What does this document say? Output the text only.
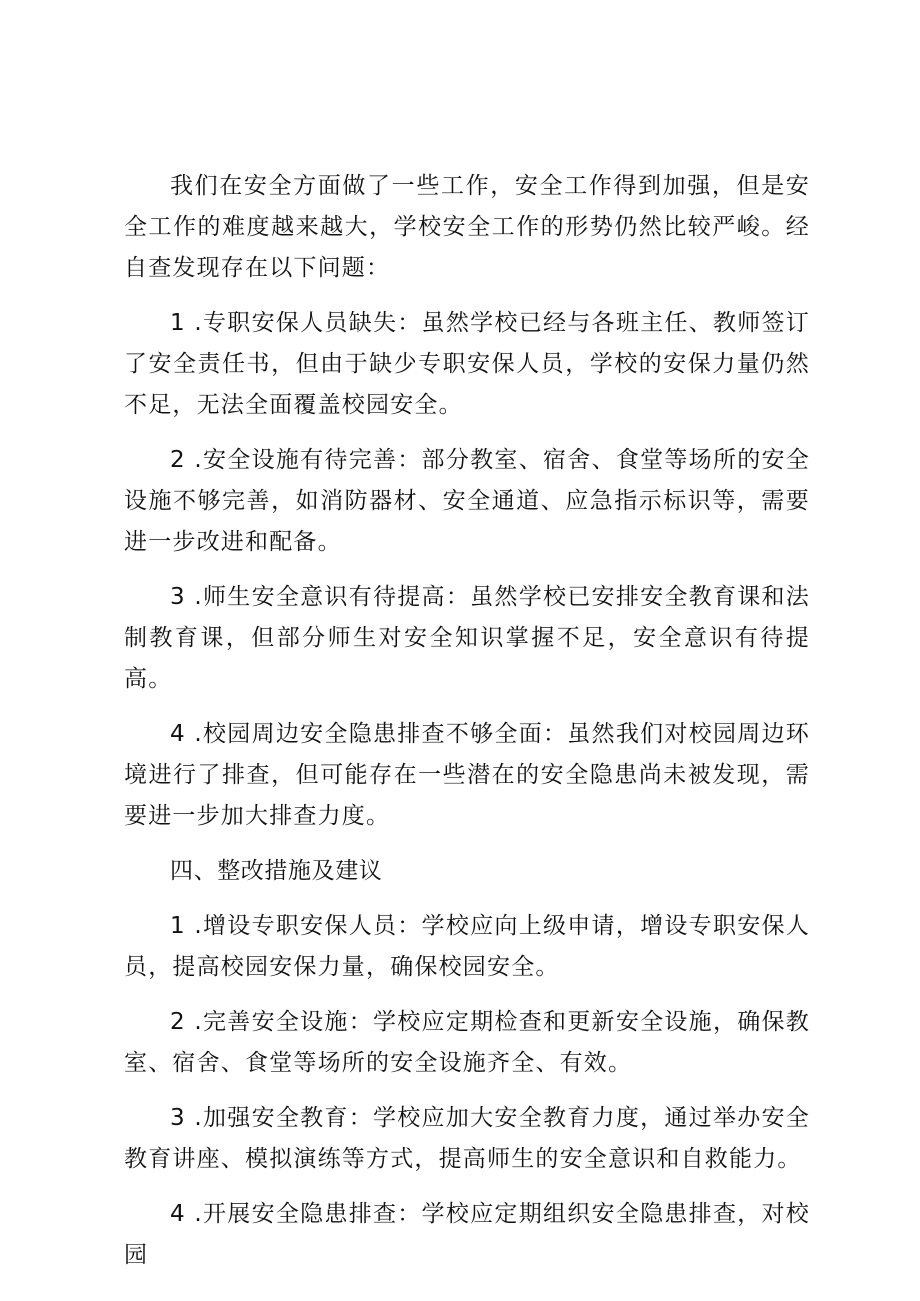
我们在安全方面做了一些工作，安全工作得到加强，但是安全工作的难度越来越大，学校安全工作的形势仍然比较严峻。经自查发现存在以下问题：

1 .专职安保人员缺失：虽然学校已经与各班主任、教师签订了安全责任书，但由于缺少专职安保人员，学校的安保力量仍然不足，无法全面覆盖校园安全。

2 .安全设施有待完善：部分教室、宿舍、食堂等场所的安全设施不够完善，如消防器材、安全通道、应急指示标识等，需要进一步改进和配备。

3 .师生安全意识有待提高：虽然学校已安排安全教育课和法制教育课，但部分师生对安全知识掌握不足，安全意识有待提高。

4 .校园周边安全隐患排查不够全面：虽然我们对校园周边环境进行了排查，但可能存在一些潜在的安全隐患尚未被发现，需要进一步加大排查力度。

四、整改措施及建议

1 .增设专职安保人员：学校应向上级申请，增设专职安保人员，提高校园安保力量，确保校园安全。

2 .完善安全设施：学校应定期检查和更新安全设施，确保教室、宿舍、食堂等场所的安全设施齐全、有效。

3 .加强安全教育：学校应加大安全教育力度，通过举办安全教育讲座、模拟演练等方式，提高师生的安全意识和自救能力。

4 .开展安全隐患排查：学校应定期组织安全隐患排查，对校园
